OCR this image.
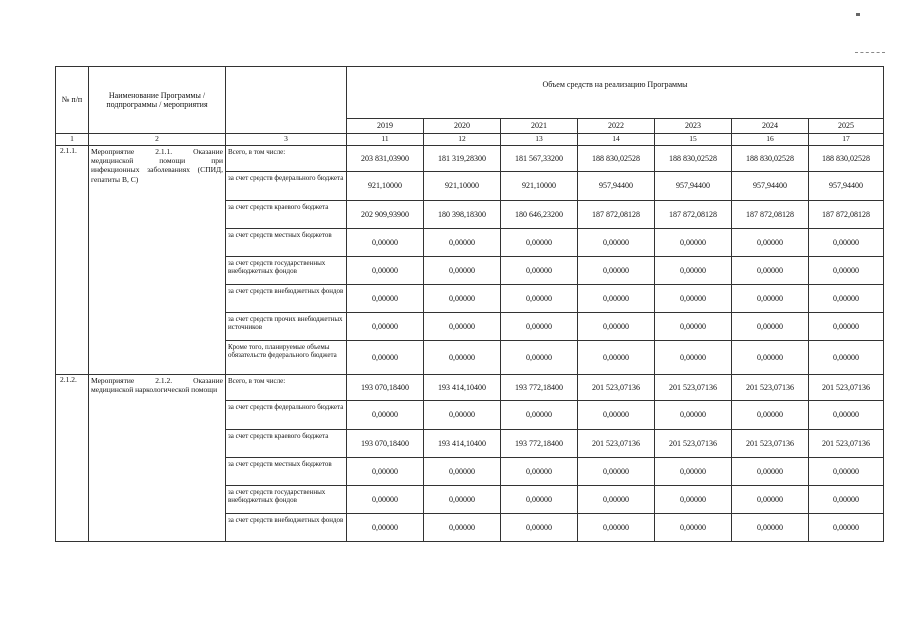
№ п/п	Наименование Программы / подпрограммы / мероприятия		Объем средств на реализацию Программы						
			2019	2020	2021	2022	2023	2024	2025
1	2	3	11	12	13	14	15	16	17
2.1.1.	Мероприятие 2.1.1. Оказание медицинской помощи при инфекционных заболеваниях (СПИД, гепатиты В, С)	Всего, в том числе:	203 831,03900	181 319,28300	181 567,33200	188 830,02528	188 830,02528	188 830,02528	188 830,02528
		за счет средств федерального бюджета	921,10000	921,10000	921,10000	957,94400	957,94400	957,94400	957,94400
		за счет средств краевого бюджета	202 909,93900	180 398,18300	180 646,23200	187 872,08128	187 872,08128	187 872,08128	187 872,08128
		за счет средств местных бюджетов	0,00000	0,00000	0,00000	0,00000	0,00000	0,00000	0,00000
		за счет средств государственных внебюджетных фондов	0,00000	0,00000	0,00000	0,00000	0,00000	0,00000	0,00000
		за счет средств внебюджетных фондов	0,00000	0,00000	0,00000	0,00000	0,00000	0,00000	0,00000
		за счет средств прочих внебюджетных источников	0,00000	0,00000	0,00000	0,00000	0,00000	0,00000	0,00000
		Кроме того, планируемые объемы обязательств федерального бюджета	0,00000	0,00000	0,00000	0,00000	0,00000	0,00000	0,00000
2.1.2.	Мероприятие 2.1.2. Оказание медицинской наркологической помощи	Всего, в том числе:	193 070,18400	193 414,10400	193 772,18400	201 523,07136	201 523,07136	201 523,07136	201 523,07136
		за счет средств федерального бюджета	0,00000	0,00000	0,00000	0,00000	0,00000	0,00000	0,00000
		за счет средств краевого бюджета	193 070,18400	193 414,10400	193 772,18400	201 523,07136	201 523,07136	201 523,07136	201 523,07136
		за счет средств местных бюджетов	0,00000	0,00000	0,00000	0,00000	0,00000	0,00000	0,00000
		за счет средств государственных внебюджетных фондов	0,00000	0,00000	0,00000	0,00000	0,00000	0,00000	0,00000
		за счет средств внебюджетных фондов	0,00000	0,00000	0,00000	0,00000	0,00000	0,00000	0,00000
